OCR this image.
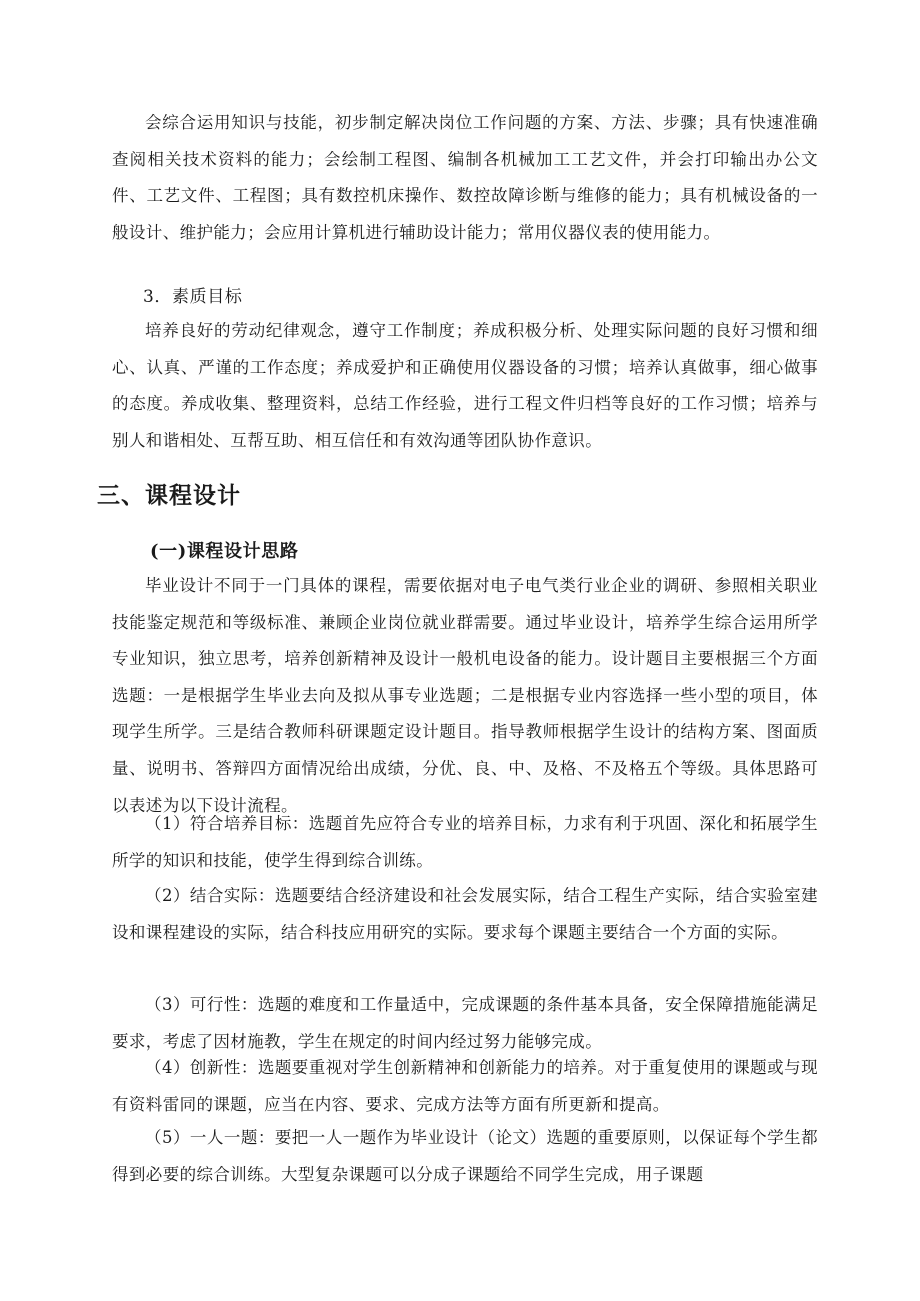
会综合运用知识与技能，初步制定解决岗位工作问题的方案、方法、步骤；具有快速准确查阅相关技术资料的能力；会绘制工程图、编制各机械加工工艺文件，并会打印输出办公文件、工艺文件、工程图；具有数控机床操作、数控故障诊断与维修的能力；具有机械设备的一般设计、维护能力；会应用计算机进行辅助设计能力；常用仪器仪表的使用能力。

3．素质目标

培养良好的劳动纪律观念，遵守工作制度；养成积极分析、处理实际问题的良好习惯和细心、认真、严谨的工作态度；养成爱护和正确使用仪器设备的习惯；培养认真做事，细心做事的态度。养成收集、整理资料，总结工作经验，进行工程文件归档等良好的工作习惯；培养与别人和谐相处、互帮互助、相互信任和有效沟通等团队协作意识。

三、课程设计
(一)课程设计思路

毕业设计不同于一门具体的课程，需要依据对电子电气类行业企业的调研、参照相关职业技能鉴定规范和等级标准、兼顾企业岗位就业群需要。通过毕业设计，培养学生综合运用所学专业知识，独立思考，培养创新精神及设计一般机电设备的能力。设计题目主要根据三个方面选题：一是根据学生毕业去向及拟从事专业选题；二是根据专业内容选择一些小型的项目，体现学生所学。三是结合教师科研课题定设计题目。指导教师根据学生设计的结构方案、图面质量、说明书、答辩四方面情况给出成绩，分优、良、中、及格、不及格五个等级。具体思路可以表述为以下设计流程。

（1）符合培养目标：选题首先应符合专业的培养目标，力求有利于巩固、深化和拓展学生所学的知识和技能，使学生得到综合训练。

（2）结合实际：选题要结合经济建设和社会发展实际，结合工程生产实际，结合实验室建设和课程建设的实际，结合科技应用研究的实际。要求每个课题主要结合一个方面的实际。

（3）可行性：选题的难度和工作量适中，完成课题的条件基本具备，安全保障措施能满足要求，考虑了因材施教，学生在规定的时间内经过努力能够完成。

（4）创新性：选题要重视对学生创新精神和创新能力的培养。对于重复使用的课题或与现有资料雷同的课题，应当在内容、要求、完成方法等方面有所更新和提高。

（5）一人一题：要把一人一题作为毕业设计（论文）选题的重要原则，以保证每个学生都得到必要的综合训练。大型复杂课题可以分成子课题给不同学生完成，用子课题
